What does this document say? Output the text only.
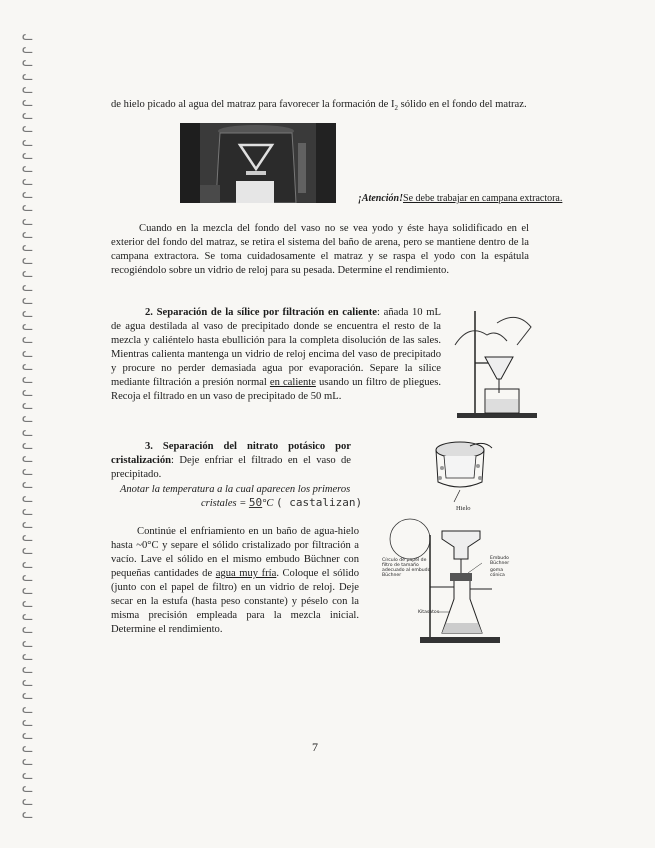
ᓚ
ᓚ
ᓚ
ᓚ
ᓚ
ᓚ
ᓚ
ᓚ
ᓚ
ᓚ
ᓚ
ᓚ
ᓚ
ᓚ
ᓚ
ᓚ
ᓚ
ᓚ
ᓚ
ᓚ
ᓚ
ᓚ
ᓚ
ᓚ
ᓚ
ᓚ
ᓚ
ᓚ
ᓚ
ᓚ
ᓚ
ᓚ
ᓚ
ᓚ
ᓚ
ᓚ
ᓚ
ᓚ
ᓚ
ᓚ
ᓚ
ᓚ
ᓚ
ᓚ
ᓚ
ᓚ
ᓚ
ᓚ
ᓚ
ᓚ
ᓚ
ᓚ
ᓚ
ᓚ
ᓚ
ᓚ
ᓚ
ᓚ
ᓚ
ᓚ
de hielo picado al agua del matraz para favorecer la formación de $I_2$ sólido en el fondo del matraz.
¡Atención!Se debe trabajar en campana extractora.
Cuando en la mezcla del fondo del vaso no se vea yodo y éste haya solidificado en el exterior del fondo del matraz, se retira el sistema del baño de arena, pero se mantiene dentro de la campana extractora. Se toma cuidadosamente el matraz y se raspa el yodo con la espátula recogiéndolo sobre un vidrio de reloj para su pesada. Determine el rendimiento.
2. Separación de la sílice por filtración en caliente: añada 10 mL de agua destilada al vaso de precipitado donde se encuentra el resto de la mezcla y caliéntelo hasta ebullición para la completa disolución de las sales. Mientras calienta mantenga un vidrio de reloj encima del vaso de precipitado y procure no perder demasiada agua por evaporación. Separe la sílice mediante filtración a presión normal en caliente usando un filtro de pliegues. Recoja el filtrado en un vaso de precipitado de 50 mL.
3. Separación del nitrato potásico por cristalización: Deje enfriar el filtrado en el vaso de precipitado.
Anotar la temperatura a la cual aparecen los primeros
cristales = 50°C ( castalizan)	Hielo
Continúe el enfriamiento en un baño de agua-hielo hasta ~0°C y separe el sólido cristalizado por filtración a vacío. Lave el sólido en el mismo embudo Büchner con pequeñas cantidades de agua muy fría. Coloque el sólido (junto con el papel de filtro) en un vidrio de reloj. Deje secar en la estufa (hasta peso constante) y péselo con la misma precisión empleada para la mezcla inicial. Determine el rendimiento.
Círculo de papel de
filtro de tamaño
adecuado al embudo
Büchner
Embudo
Büchner
goma
cónica
Kitasatos
7
